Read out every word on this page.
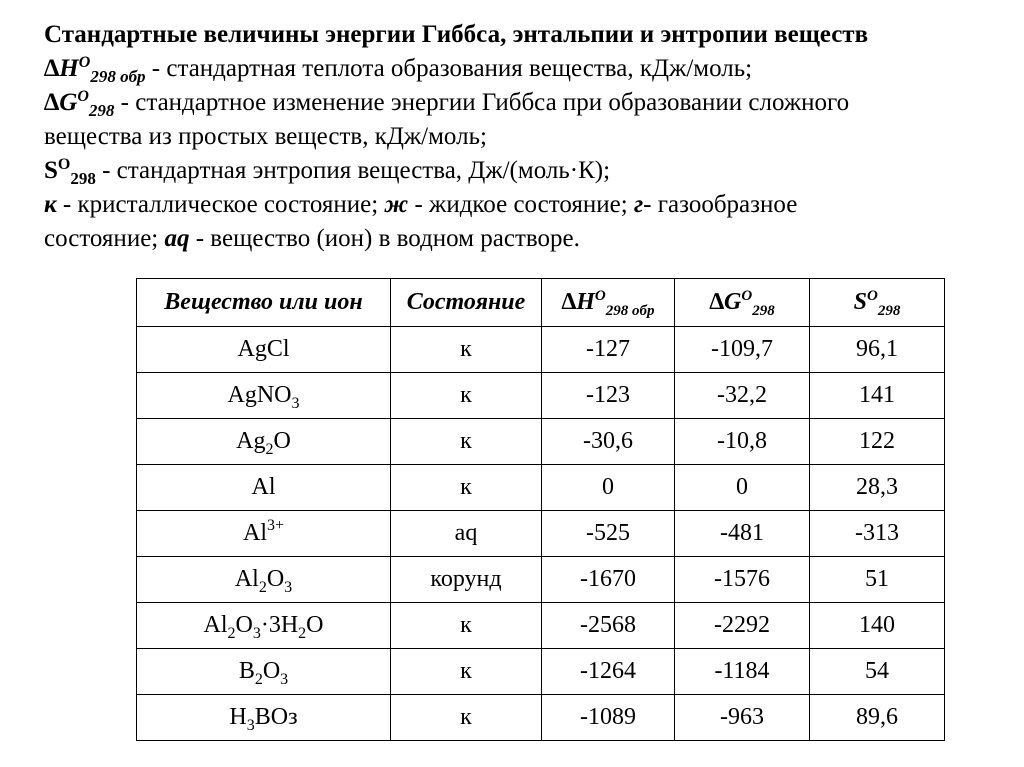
Стандартные величины энергии Гиббса, энтальпии и энтропии веществ
$\Delta H^O_{298 обр}$ - стандартная теплота образования вещества, кДж/моль;
$\Delta G^O_{298}$ - стандартное изменение энергии Гиббса при образовании сложного
вещества из простых веществ, кДж/моль;
$S^O_{298}$ - стандартная энтропия вещества, Дж/(моль·К);
к - кристаллическое состояние; ж - жидкое состояние; г- газообразное
состояние; aq - вещество (ион) в водном растворе.
Вещество или ион	Состояние	$\Delta H^O_{298 обр}$	$\Delta G^O_{298}$	$S^O_{298}$
AgCl	к	-127	-109,7	96,1
AgNO$_3$	к	-123	-32,2	141
$Ag_2O$	к	-30,6	-10,8	122
Al	к	0	0	28,3
$Al^{3+}$	aq	-525	-481	-313
$Al_2O_3$	корунд	-1670	-1576	51
$Al_2O_3\cdot 3H_2O$	к	-2568	-2292	140
$B_2O_3$	к	-1264	-1184	54
$H_3BOз$	к	-1089	-963	89,6
